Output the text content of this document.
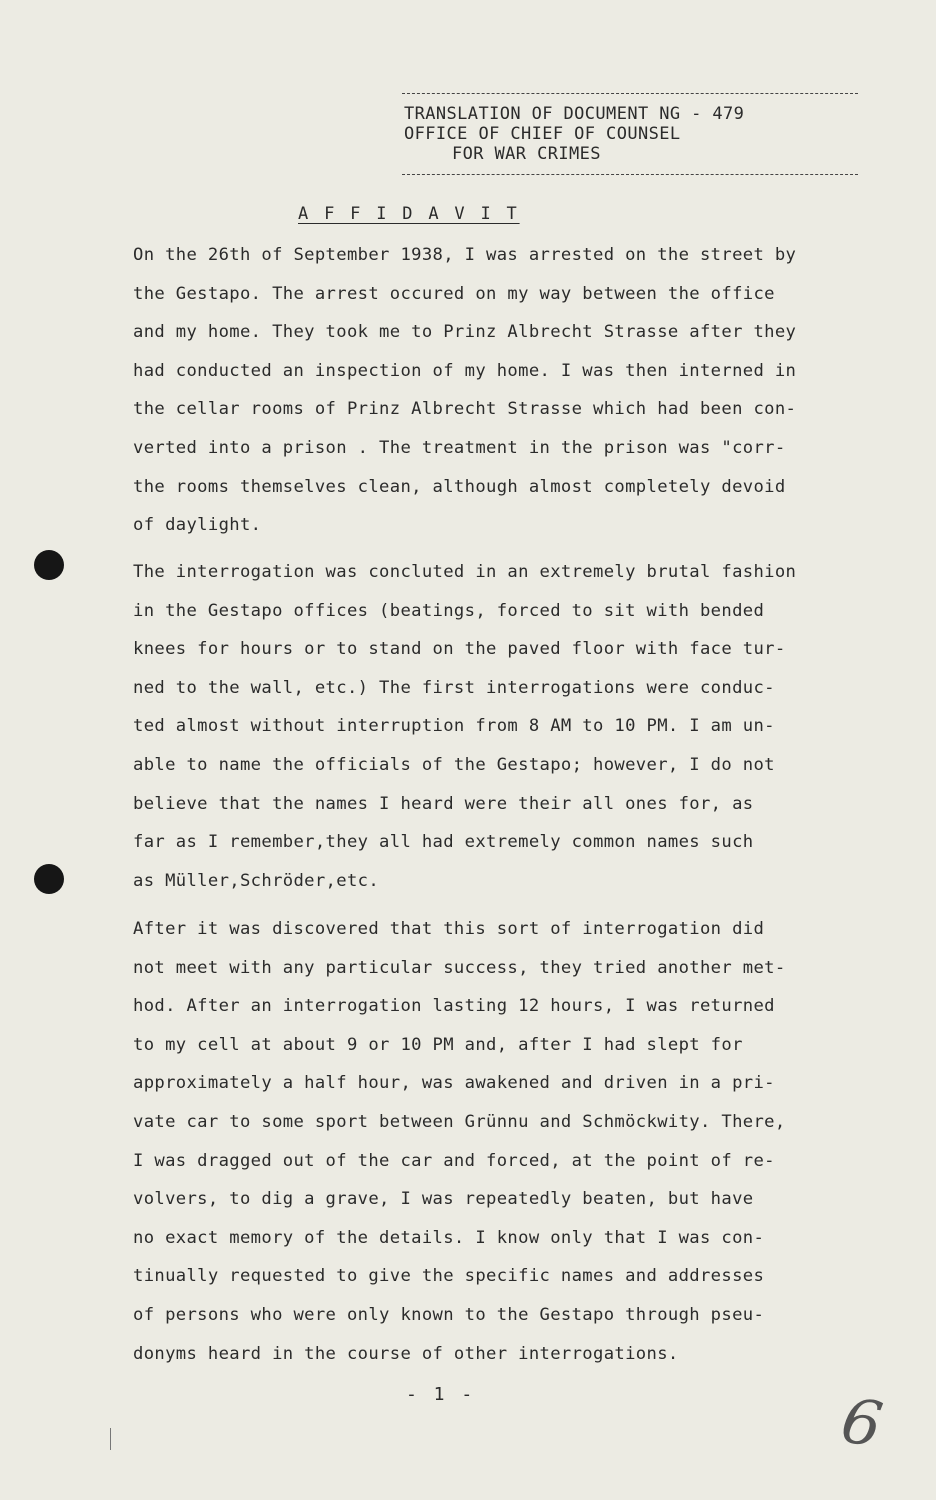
TRANSLATION OF DOCUMENT NG - 479
OFFICE OF CHIEF OF COUNSEL
FOR WAR CRIMES
A F F I D A V I T
On the 26th of September 1938, I was arrested on the street by
the Gestapo. The arrest occured on my way between the office
and my home. They took me to Prinz Albrecht Strasse after they
had conducted an inspection of my home. I was then interned in
the cellar rooms of Prinz Albrecht Strasse which had been con-
verted into a prison . The treatment in the prison was "corr-
the rooms themselves clean, although almost completely devoid
of daylight.
The interrogation was concluted in an extremely brutal fashion
in the Gestapo offices (beatings, forced to sit with bended
knees for hours or to stand on the paved floor with face tur-
ned to the wall, etc.) The first interrogations were conduc-
ted almost without interruption from 8 AM to 10 PM. I am un-
able to name the officials of the Gestapo; however, I do not
believe that the names I heard were their all ones for, as
far as I remember,they all had extremely common names such
as Müller,Schröder,etc.
After it was discovered that this sort of interrogation did
not meet with any particular success, they tried another met-
hod. After an interrogation lasting 12 hours, I was returned
to my cell at about 9 or 10 PM and, after I had slept for
approximately a half hour, was awakened and driven in a pri-
vate car to some sport between Grünnu and Schmöckwity. There,
I was dragged out of the car and forced, at the point of re-
volvers, to dig a grave, I was repeatedly beaten, but have
no exact memory of the details. I know only that I was con-
tinually requested to give the specific names and addresses
of persons who were only known to the Gestapo through pseu-
donyms heard in the course of other interrogations.
- 1 -	6
